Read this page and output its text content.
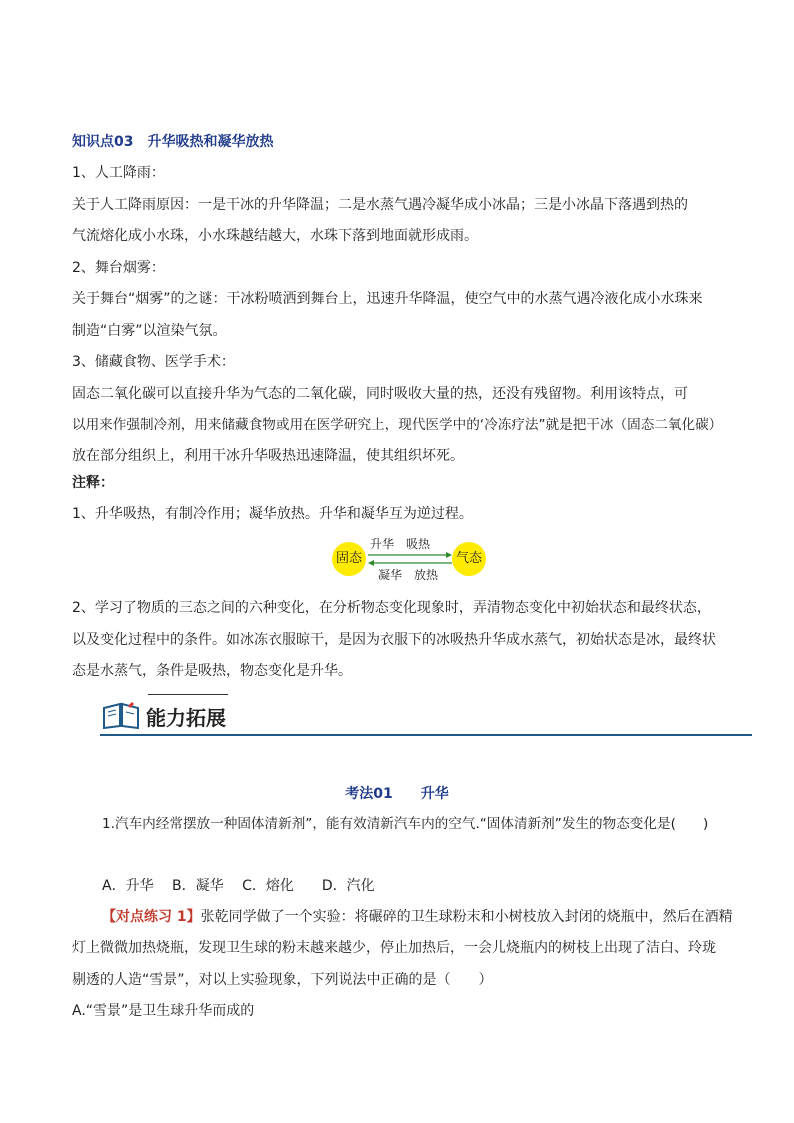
知识点03　升华吸热和凝华放热

1、人工降雨：

关于人工降雨原因：一是干冰的升华降温；二是水蒸气遇冷凝华成小冰晶；三是小冰晶下落遇到热的

气流熔化成小水珠，小水珠越结越大，水珠下落到地面就形成雨。

2、舞台烟雾：

关于舞台“烟雾”的之谜：干冰粉喷洒到舞台上，迅速升华降温，使空气中的水蒸气遇冷液化成小水珠来

制造“白雾”以渲染气氛。

3、储藏食物、医学手术：

固态二氧化碳可以直接升华为气态的二氧化碳，同时吸收大量的热，还没有残留物。利用该特点，可

以用来作强制冷剂，用来储藏食物或用在医学研究上，现代医学中的‘冷冻疗法”就是把干冰（固态二氧化碳）

放在部分组织上，利用干冰升华吸热迅速降温，使其组织坏死。

注释：

1、升华吸热，有制冷作用；凝华放热。升华和凝华互为逆过程。

固态	气态
升华　吸热
凝华　放热

2、学习了物质的三态之间的六种变化，在分析物态变化现象时，弄清物态变化中初始状态和最终状态，

以及变化过程中的条件。如冰冻衣服晾干，是因为衣服下的冰吸热升华成水蒸气，初始状态是冰，最终状

态是水蒸气，条件是吸热，物态变化是升华。

能力拓展
考法01　　升华

1.汽车内经常摆放一种固体清新剂”，能有效清新汽车内的空气.“固体清新剂”发生的物态变化是(　　)

A．升华　 B．凝华　 C．熔化　　D．汽化

【对点练习 1】张乾同学做了一个实验：将碾碎的卫生球粉末和小树枝放入封闭的烧瓶中，然后在酒精

灯上微微加热烧瓶，发现卫生球的粉末越来越少，停止加热后，一会儿烧瓶内的树枝上出现了洁白、玲珑

剔透的人造“雪景”，对以上实验现象，下列说法中正确的是（　　）

A.“雪景”是卫生球升华而成的
